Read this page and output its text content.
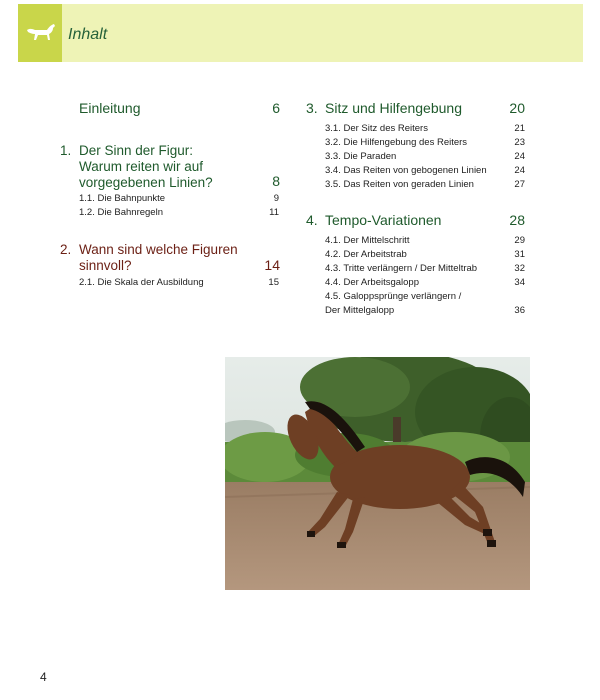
Inhalt
Einleitung	6
1. Der Sinn der Figur:
Warum reiten wir auf
vorgegebenen Linien?	8
1.1. Die Bahnpunkte	9
1.2. Die Bahnregeln	11
2. Wann sind welche Figuren
sinnvoll?	14
2.1. Die Skala der Ausbildung	15
3. Sitz und Hilfengebung	20
3.1. Der Sitz des Reiters	21
3.2. Die Hilfengebung des Reiters	23
3.3. Die Paraden	24
3.4. Das Reiten von gebogenen Linien	24
3.5. Das Reiten von geraden Linien	27
4. Tempo-Variationen	28
4.1. Der Mittelschritt	29
4.2. Der Arbeitstrab	31
4.3. Tritte verlängern / Der Mitteltrab	32
4.4. Der Arbeitsgalopp	34
4.5. Galoppsprünge verlängern /
Der Mittelgalopp	36
4
